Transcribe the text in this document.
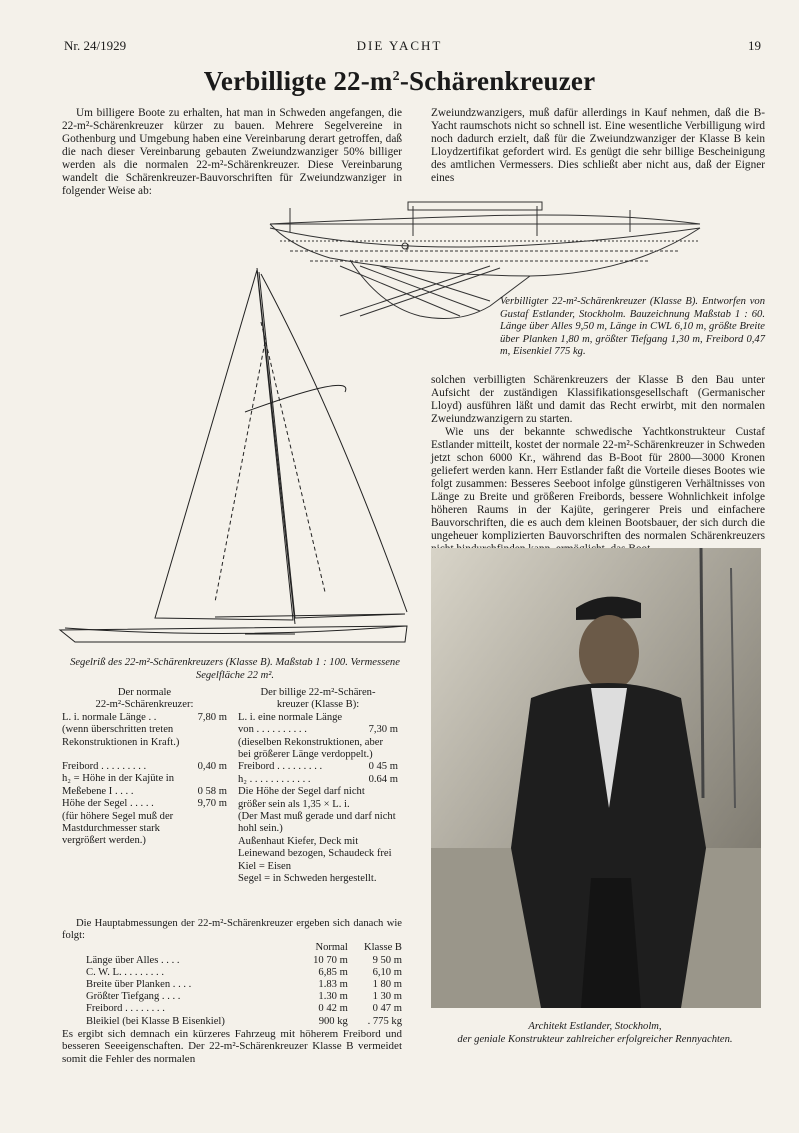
Nr. 24/1929	DIE YACHT	19
Verbilligte $22-m^2$-Schärenkreuzer

Um billigere Boote zu erhalten, hat man in Schweden angefangen, die 22-m²-Schärenkreuzer kürzer zu bauen. Mehrere Segelvereine in Gothenburg und Umgebung haben eine Vereinbarung derart getroffen, daß die nach dieser Vereinbarung gebauten Zweiundzwanziger 50% billiger werden als die normalen 22-m²-Schärenkreuzer. Diese Vereinbarung wandelt die Schärenkreuzer-Bauvorschriften für Zweiundzwanziger in folgender Weise ab:

Zweiundzwanzigers, muß dafür allerdings in Kauf nehmen, daß die B-Yacht raumschots nicht so schnell ist. Eine wesentliche Verbilligung wird noch dadurch erzielt, daß für die Zweiundzwanziger der Klasse B kein Lloydzertifikat gefordert wird. Es genügt die sehr billige Bescheinigung des amtlichen Vermessers. Dies schließt aber nicht aus, daß der Eigner eines

J
Verbilligter 22-m²-Schärenkreuzer (Klasse B). Entworfen von Gustaf Estlander, Stockholm. Bauzeichnung Maßstab 1 : 60. Länge über Alles 9,50 m, Länge in CWL 6,10 m, größte Breite über Planken 1,80 m, größter Tiefgang 1,30 m, Freibord 0,47 m, Eisenkiel 775 kg.
Segelriß des 22-m²-Schärenkreuzers (Klasse B). Maßstab 1 : 100. Vermessene Segelfläche 22 m².

solchen verbilligten Schärenkreuzers der Klasse B den Bau unter Aufsicht der zuständigen Klassifikationsgesellschaft (Germanischer Lloyd) ausführen läßt und damit das Recht erwirbt, mit den normalen Zweiundzwanzigern zu starten.

Wie uns der bekannte schwedische Yachtkonstrukteur Custaf Estlander mitteilt, kostet der normale 22-m²-Schärenkreuzer in Schweden jetzt schon 6000 Kr., während das B-Boot für 2800—3000 Kronen geliefert werden kann. Herr Estlander faßt die Vorteile dieses Bootes wie folgt zusammen: Besseres Seeboot infolge günstigeren Verhältnisses von Länge zu Breite und größeren Freibords, bessere Wohnlichkeit infolge höheren Raums in der Kajüte, geringerer Preis und einfachere Bauvorschriften, die es auch dem kleinen Bootsbauer, der sich durch die ungeheuer komplizierten Bauvorschriften des normalen Schärenkreuzers

Der normale
22-m²-Schärenkreuzer:
L. i. normale Länge . .	7,80 m
(wenn überschritten treten Rekonstruktionen in Kraft.)
Freibord . . . . . . . . .	0,40 m
h₂ = Höhe in der Kajüte in Meßebene I . . . .	0 58 m
Höhe der Segel . . . . .	9,70 m
(für höhere Segel muß der Mastdurchmesser stark vergrößert werden.)
Der billige 22-m²-Schären-
kreuzer (Klasse B):
L. i. eine normale Länge von . . . . . . . . . .	7,30 m
(dieselben Rekonstruktionen, aber bei größerer Länge verdoppelt.)
Freibord . . . . . . . . .	0 45 m
h₂ . . . . . . . . . . . .	0.64 m
Die Höhe der Segel darf nicht größer sein als 1,35 × L. i.
(Der Mast muß gerade und darf nicht hohl sein.)
Außenhaut Kiefer, Deck mit Leinewand bezogen, Schaudeck frei
Kiel = Eisen
Segel = in Schweden hergestellt.
Die Hauptabmessungen der 22-m²-Schärenkreuzer ergeben sich danach wie folgt:
Normal	Klasse B
Länge über Alles . . . .	10 70 m	9 50 m
C. W. L. . . . . . . . .	6,85 m	6,10 m
Breite über Planken . . . .	1.83 m	1 80 m
Größter Tiefgang . . . .	1.30 m	1 30 m
Freibord . . . . . . . .	0 42 m	0 47 m
Bleikiel (bei Klasse B Eisenkiel)	900 kg	. 775 kg
Es ergibt sich demnach ein kürzeres Fahrzeug mit höherem Freibord und besseren Seeeigenschaften. Der 22-m²-Schärenkreuzer Klasse B vermeidet somit die Fehler des normalen
Architekt Estlander, Stockholm,
der geniale Konstrukteur zahlreicher erfolgreicher Rennyachten.
